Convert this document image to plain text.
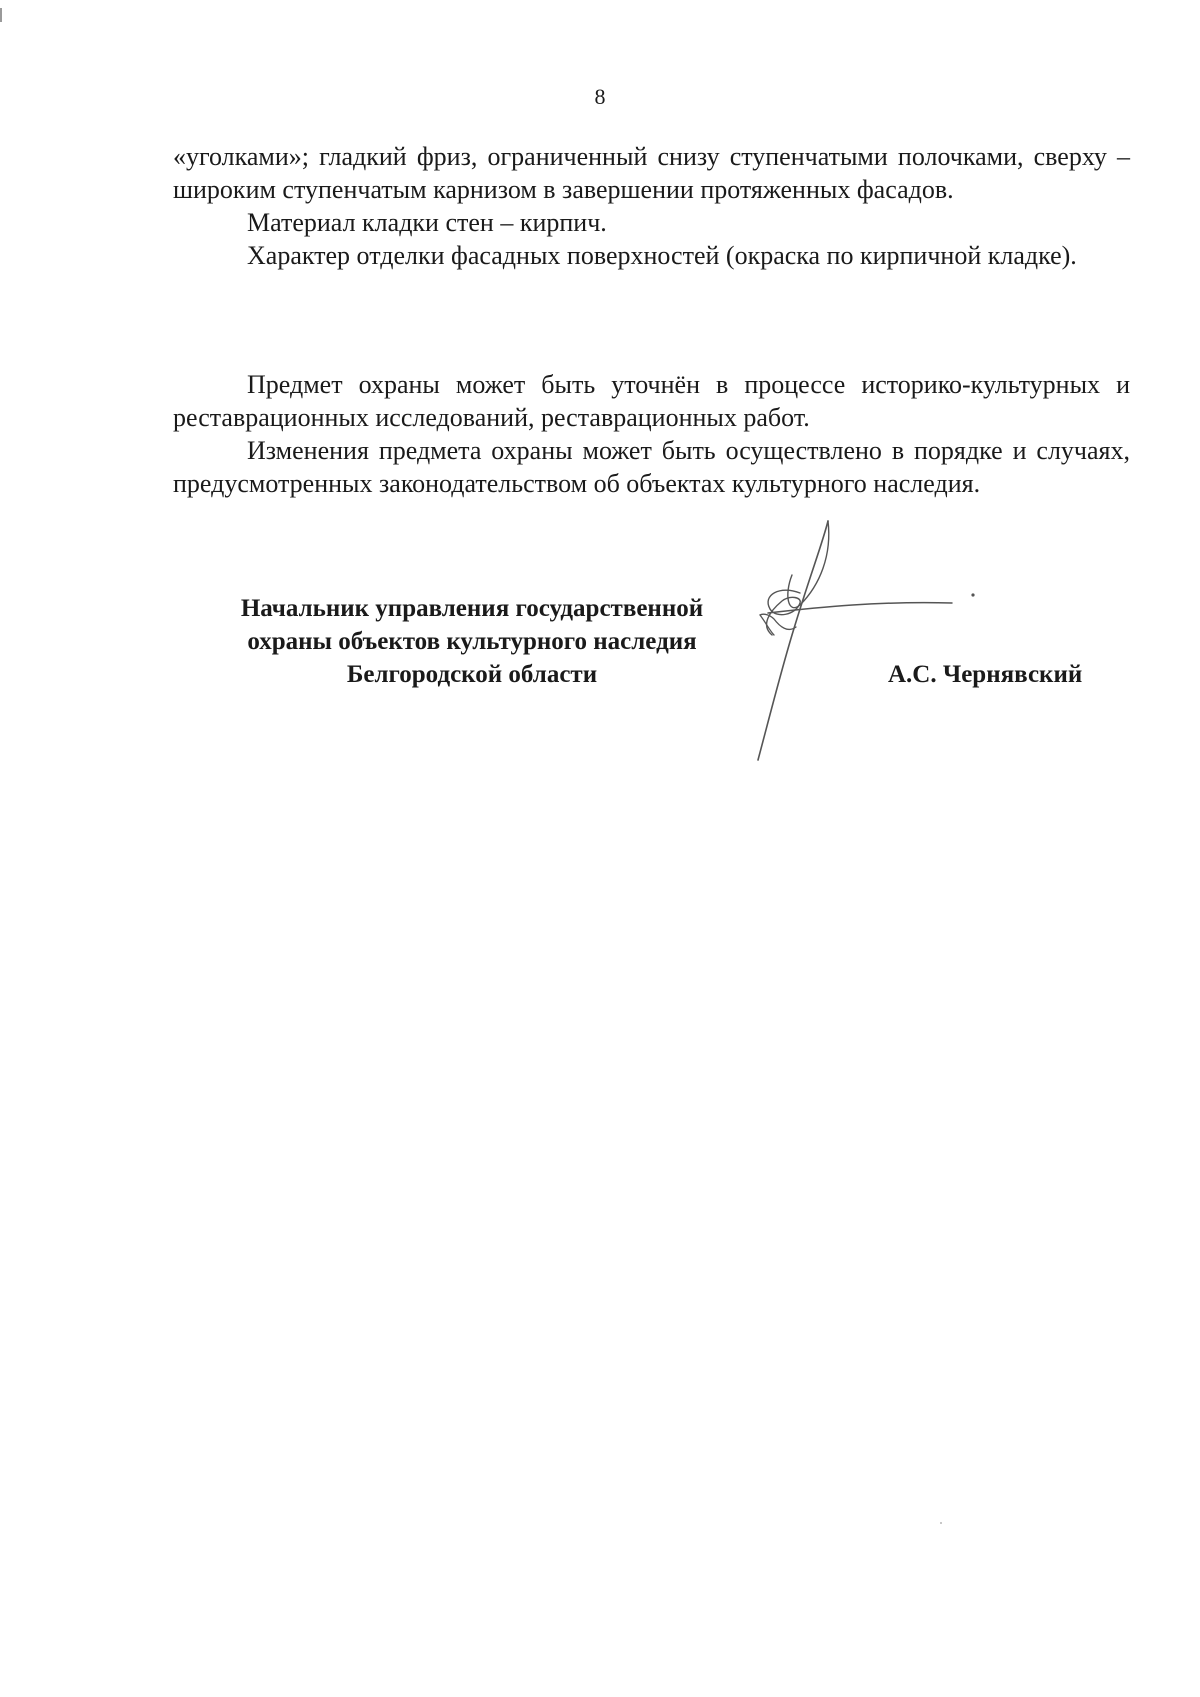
8

«уголками»; гладкий фриз, ограниченный снизу ступенчатыми полочками, сверху – широким ступенчатым карнизом в завершении протяженных фасадов.

Материал кладки стен – кирпич.

Характер отделки фасадных поверхностей (окраска по кирпичной кладке).

Предмет охраны может быть уточнён в процессе историко-культурных и реставрационных исследований, реставрационных работ.

Изменения предмета охраны может быть осуществлено в порядке и случаях, предусмотренных законодательством об объектах культурного наследия.

Начальник управления государственной
охраны объектов культурного наследия
Белгородской области	А.С. Чернявский
